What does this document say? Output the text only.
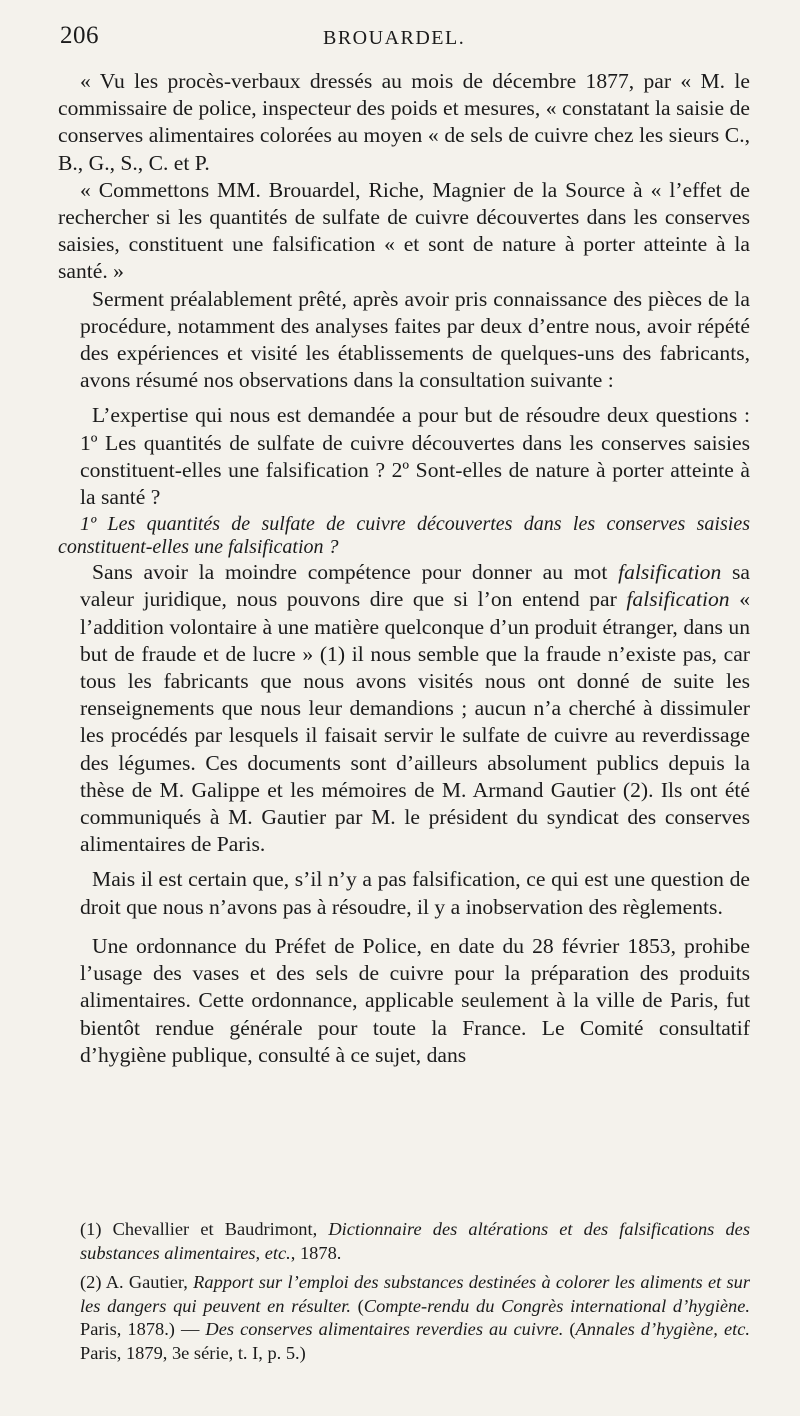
206	BROUARDEL.

« Vu les procès-verbaux dressés au mois de décembre 1877, par « M. le commissaire de police, inspecteur des poids et mesures, « constatant la saisie de conserves alimentaires colorées au moyen « de sels de cuivre chez les sieurs C., B., G., S., C. et P.

« Commettons MM. Brouardel, Riche, Magnier de la Source à « l’effet de rechercher si les quantités de sulfate de cuivre découvertes dans les conserves saisies, constituent une falsification « et sont de nature à porter atteinte à la santé. »

Serment préalablement prêté, après avoir pris connaissance des pièces de la procédure, notamment des analyses faites par deux d’entre nous, avoir répété des expériences et visité les établissements de quelques-uns des fabricants, avons résumé nos observations dans la consultation suivante :

L’expertise qui nous est demandée a pour but de résoudre deux questions : 1º Les quantités de sulfate de cuivre découvertes dans les conserves saisies constituent-elles une falsification ? 2º Sont-elles de nature à porter atteinte à la santé ?

1º Les quantités de sulfate de cuivre découvertes dans les conserves saisies constituent-elles une falsification ?

Sans avoir la moindre compétence pour donner au mot falsification sa valeur juridique, nous pouvons dire que si l’on entend par falsification « l’addition volontaire à une matière quelconque d’un produit étranger, dans un but de fraude et de lucre » (1) il nous semble que la fraude n’existe pas, car tous les fabricants que nous avons visités nous ont donné de suite les renseignements que nous leur demandions ; aucun n’a cherché à dissimuler les procédés par lesquels il faisait servir le sulfate de cuivre au reverdissage des légumes. Ces documents sont d’ailleurs absolument publics depuis la thèse de M. Galippe et les mémoires de M. Armand Gautier (2). Ils ont été communiqués à M. Gautier par M. le président du syndicat des conserves alimentaires de Paris.

Mais il est certain que, s’il n’y a pas falsification, ce qui est une question de droit que nous n’avons pas à résoudre, il y a inobservation des règlements.

Une ordonnance du Préfet de Police, en date du 28 février 1853, prohibe l’usage des vases et des sels de cuivre pour la préparation des produits alimentaires. Cette ordonnance, applicable seulement à la ville de Paris, fut bientôt rendue générale pour toute la France. Le Comité consultatif d’hygiène publique, consulté à ce sujet, dans

(1) Chevallier et Baudrimont, Dictionnaire des altérations et des falsifications des substances alimentaires, etc., 1878.

(2) A. Gautier, Rapport sur l’emploi des substances destinées à colorer les aliments et sur les dangers qui peuvent en résulter. (Compte-rendu du Congrès international d’hygiène. Paris, 1878.) — Des conserves alimentaires reverdies au cuivre. (Annales d’hygiène, etc. Paris, 1879, 3e série, t. I, p. 5.)
